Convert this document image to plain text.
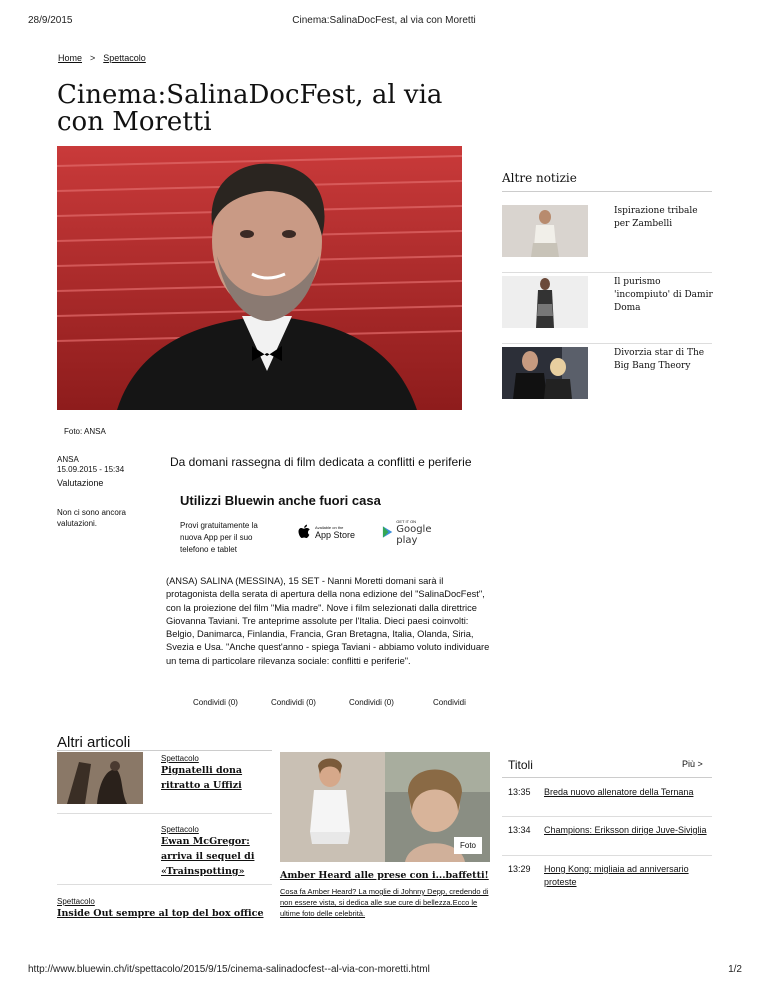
28/9/2015	Cinema:SalinaDocFest, al via con Moretti
Home > Spettacolo
Cinema:SalinaDocFest, al via con Moretti
Foto: ANSA
ANSA
15.09.2015 - 15:34
Valutazione
Non ci sono ancora valutazioni.
Da domani rassegna di film dedicata a conflitti e periferie
Utilizzi Bluewin anche fuori casa
Provi gratuitamente la nuova App per il suo telefono e tablet
Available on the
App Store
GET IT ON
Google play
(ANSA) SALINA (MESSINA), 15 SET - Nanni Moretti domani sarà il protagonista della serata di apertura della nona edizione del "SalinaDocFest", con la proiezione del film "Mia madre". Nove i film selezionati dalla direttrice Giovanna Taviani. Tre anteprime assolute per l'Italia. Dieci paesi coinvolti: Belgio, Danimarca, Finlandia, Francia, Gran Bretagna, Italia, Olanda, Siria, Svezia e Usa. "Anche quest'anno - spiega Taviani - abbiamo voluto individuare un tema di particolare rilevanza sociale: conflitti e periferie".
Condividi (0)	Condividi (0)	Condividi (0)	Condividi
Altre notizie
Ispirazione tribale per Zambelli
Il purismo 'incompiuto' di Damir Doma
Divorzia star di The Big Bang Theory
Altri articoli
Spettacolo
Pignatelli dona ritratto a Uffizi
Spettacolo
Ewan McGregor: arriva il sequel di «Trainspotting»
Spettacolo
Inside Out sempre al top del box office
Foto
Amber Heard alle prese con i...baffetti!
Cosa fa Amber Heard? La moglie di Johnny Depp, credendo di non essere vista, si dedica alle sue cure di bellezza.Ecco le ultime foto delle celebrità.
Titoli	Più >
13:35	Breda nuovo allenatore della Ternana
13:34	Champions: Eriksson dirige Juve-Siviglia
13:29	Hong Kong: migliaia ad anniversario proteste
http://www.bluewin.ch/it/spettacolo/2015/9/15/cinema-salinadocfest--al-via-con-moretti.html	1/2
